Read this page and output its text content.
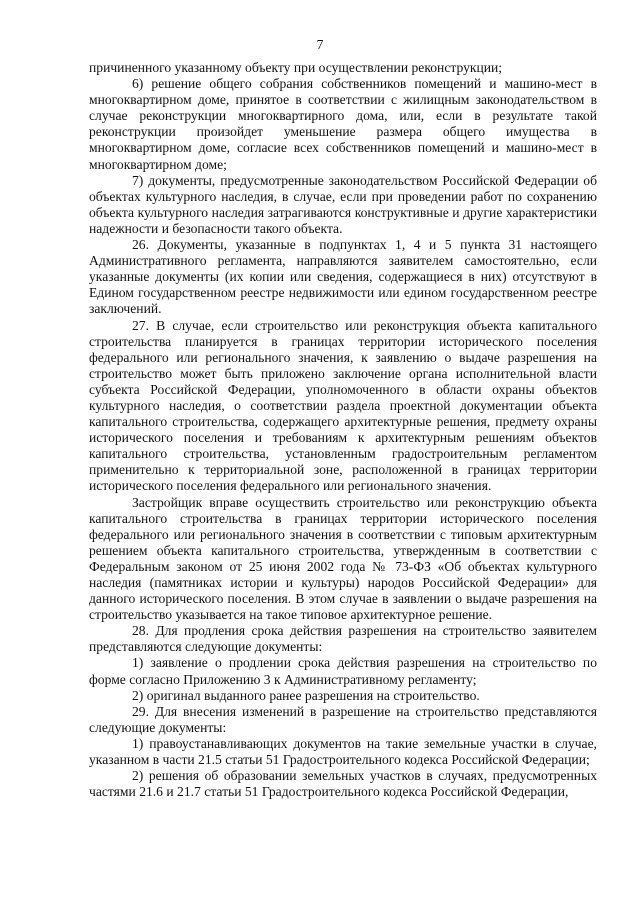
7

причиненного указанному объекту при осуществлении реконструкции;

6) решение общего собрания собственников помещений и машино-мест в многоквартирном доме, принятое в соответствии с жилищным законодательством в случае реконструкции многоквартирного дома, или, если в результате такой реконструкции произойдет уменьшение размера общего имущества в многоквартирном доме, согласие всех собственников помещений и машино-мест в многоквартирном доме;

7) документы, предусмотренные законодательством Российской Федерации об объектах культурного наследия, в случае, если при проведении работ по сохранению объекта культурного наследия затрагиваются конструктивные и другие характеристики надежности и безопасности такого объекта.

26. Документы, указанные в подпунктах 1, 4 и 5 пункта 31 настоящего Административного регламента, направляются заявителем самостоятельно, если указанные документы (их копии или сведения, содержащиеся в них) отсутствуют в Едином государственном реестре недвижимости или едином государственном реестре заключений.

27. В случае, если строительство или реконструкция объекта капитального строительства планируется в границах территории исторического поселения федерального или регионального значения, к заявлению о выдаче разрешения на строительство может быть приложено заключение органа исполнительной власти субъекта Российской Федерации, уполномоченного в области охраны объектов культурного наследия, о соответствии раздела проектной документации объекта капитального строительства, содержащего архитектурные решения, предмету охраны исторического поселения и требованиям к архитектурным решениям объектов капитального строительства, установленным градостроительным регламентом применительно к территориальной зоне, расположенной в границах территории исторического поселения федерального или регионального значения.

Застройщик вправе осуществить строительство или реконструкцию объекта капитального строительства в границах территории исторического поселения федерального или регионального значения в соответствии с типовым архитектурным решением объекта капитального строительства, утвержденным в соответствии с Федеральным законом от 25 июня 2002 года № 73-ФЗ «Об объектах культурного наследия (памятниках истории и культуры) народов Российской Федерации» для данного исторического поселения. В этом случае в заявлении о выдаче разрешения на строительство указывается на такое типовое архитектурное решение.

28. Для продления срока действия разрешения на строительство заявителем представляются следующие документы:

1) заявление о продлении срока действия разрешения на строительство по форме согласно Приложению 3 к Административному регламенту;

2) оригинал выданного ранее разрешения на строительство.

29. Для внесения изменений в разрешение на строительство представляются следующие документы:

1) правоустанавливающих документов на такие земельные участки в случае, указанном в части 21.5 статьи 51 Градостроительного кодекса Российской Федерации;

2) решения об образовании земельных участков в случаях, предусмотренных частями 21.6 и 21.7 статьи 51 Градостроительного кодекса Российской Федерации,
